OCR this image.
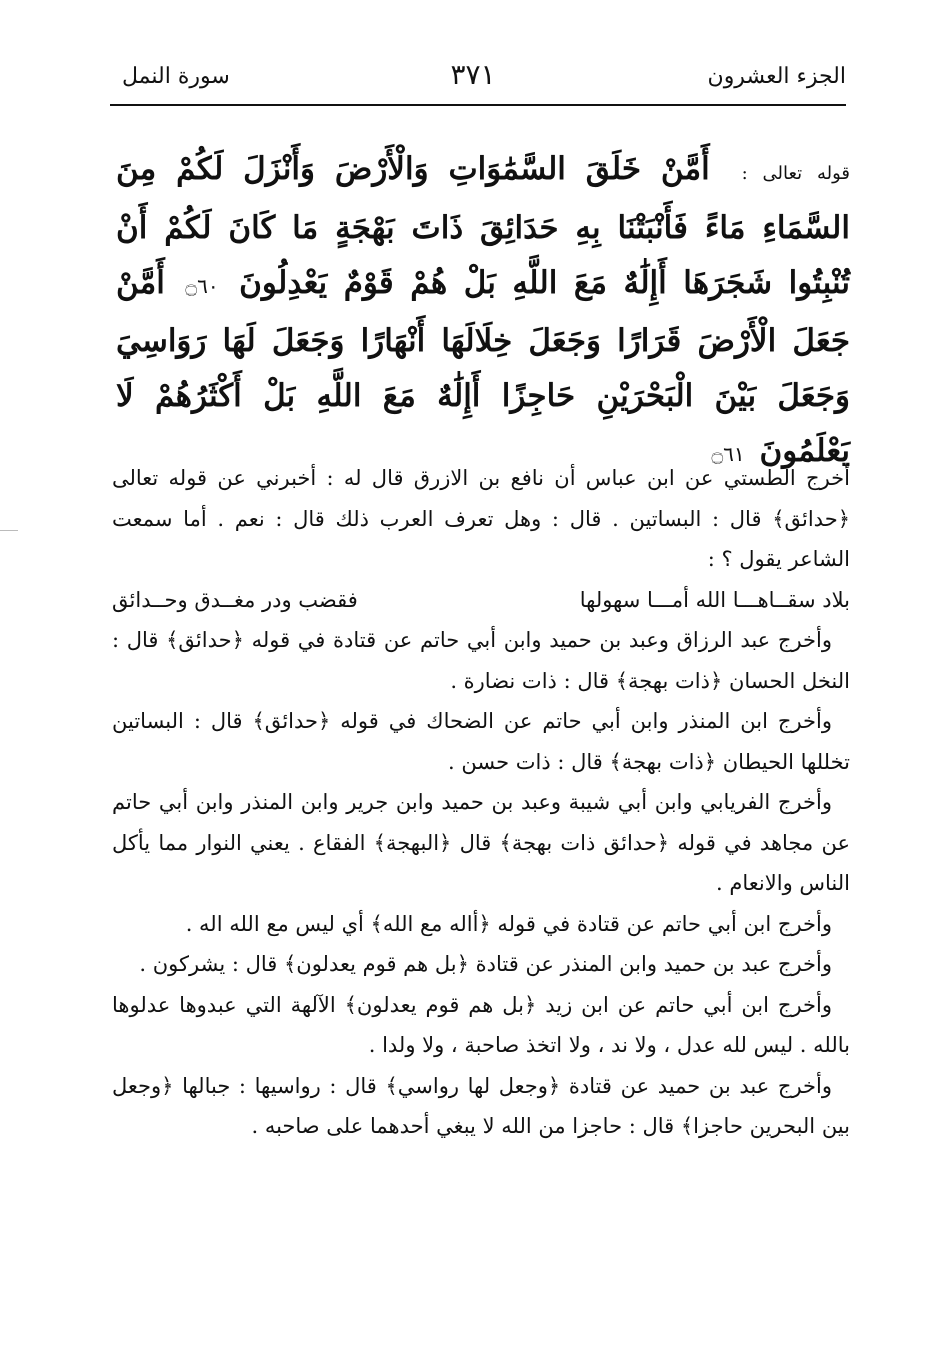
الجزء العشرون
٣٧١
سورة النمل
قوله تعالى : أَمَّنْ خَلَقَ السَّمَٰوَاتِ وَالْأَرْضَ وَأَنْزَلَ لَكُمْ مِنَ السَّمَاءِ مَاءً فَأَنْبَتْنَا بِهِ حَدَائِقَ ذَاتَ بَهْجَةٍ مَا كَانَ لَكُمْ أَنْ تُنْبِتُوا شَجَرَهَا أَإِلَٰهٌ مَعَ اللَّهِ بَلْ هُمْ قَوْمٌ يَعْدِلُونَ ۝٦٠ أَمَّنْ جَعَلَ الْأَرْضَ قَرَارًا وَجَعَلَ خِلَالَهَا أَنْهَارًا وَجَعَلَ لَهَا رَوَاسِيَ وَجَعَلَ بَيْنَ الْبَحْرَيْنِ حَاجِزًا أَإِلَٰهٌ مَعَ اللَّهِ بَلْ أَكْثَرُهُمْ لَا يَعْلَمُونَ ۝٦١

أخرج الطستي عن ابن عباس أن نافع بن الازرق قال له : أخبرني عن قوله تعالى ﴿حدائق﴾ قال : البساتين . قال : وهل تعرف العرب ذلك قال : نعم . أما سمعت الشاعر يقول ؟ :

بلاد سقــاهـــا الله أمـــا سهولها
فقضب ودر مغــدق وحــدائق

وأخرج عبد الرزاق وعبد بن حميد وابن أبي حاتم عن قتادة في قوله ﴿حدائق﴾ قال : النخل الحسان ﴿ذات بهجة﴾ قال : ذات نضارة .

وأخرج ابن المنذر وابن أبي حاتم عن الضحاك في قوله ﴿حدائق﴾ قال : البساتين تخللها الحيطان ﴿ذات بهجة﴾ قال : ذات حسن .

وأخرج الفريابي وابن أبي شيبة وعبد بن حميد وابن جرير وابن المنذر وابن أبي حاتم عن مجاهد في قوله ﴿حدائق ذات بهجة﴾ قال ﴿البهجة﴾ الفقاع . يعني النوار مما يأكل الناس والانعام .

وأخرج ابن أبي حاتم عن قتادة في قوله ﴿أاله مع الله﴾ أي ليس مع الله اله .

وأخرج عبد بن حميد وابن المنذر عن قتادة ﴿بل هم قوم يعدلون﴾ قال : يشركون .

وأخرج ابن أبي حاتم عن ابن زيد ﴿بل هم قوم يعدلون﴾ الآلهة التي عبدوها عدلوها بالله . ليس لله عدل ، ولا ند ، ولا اتخذ صاحبة ، ولا ولدا .

وأخرج عبد بن حميد عن قتادة ﴿وجعل لها رواسي﴾ قال : رواسيها : جبالها ﴿وجعل بين البحرين حاجزا﴾ قال : حاجزا من الله لا يبغي أحدهما على صاحبه .
